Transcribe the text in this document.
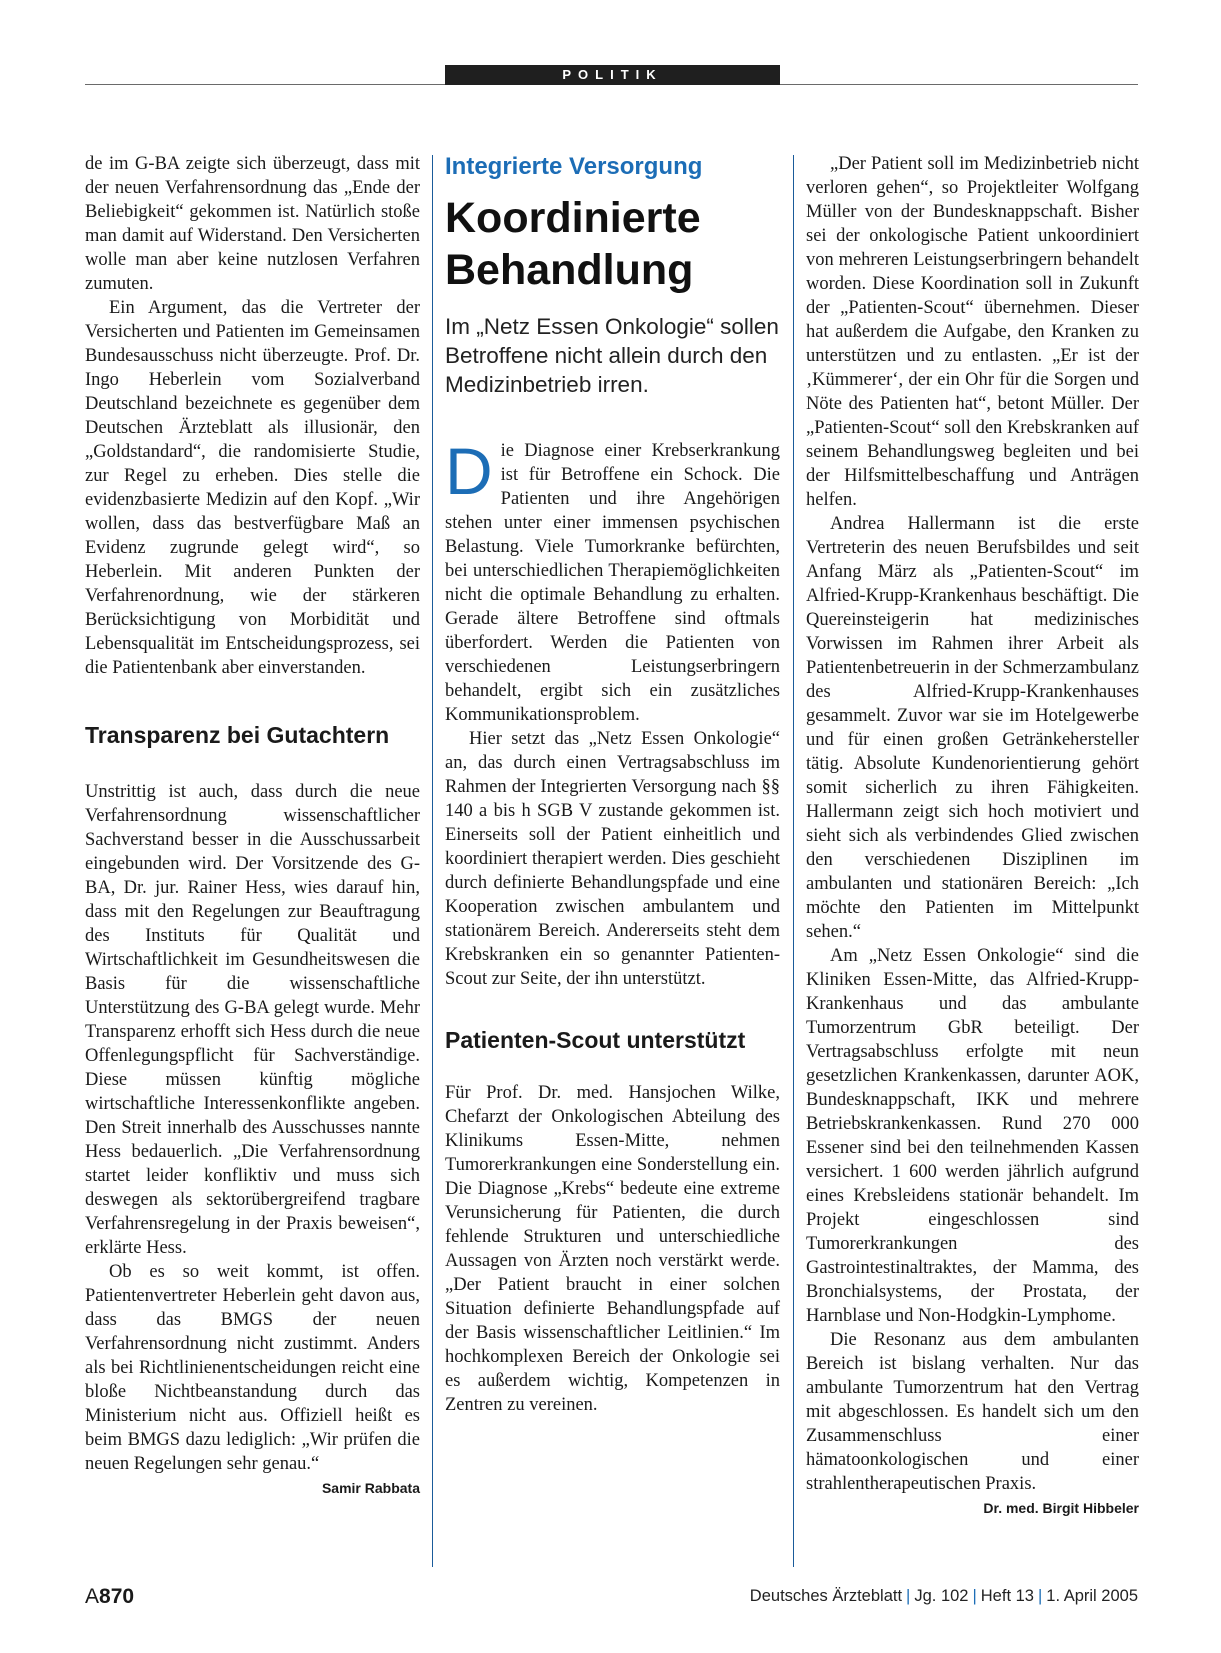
POLITIK

de im G-BA zeigte sich überzeugt, dass mit der neuen Verfahrensordnung das „Ende der Beliebigkeit“ gekommen ist. Natürlich stoße man damit auf Widerstand. Den Versicherten wolle man aber keine nutzlosen Verfahren zumuten.

Ein Argument, das die Vertreter der Versicherten und Patienten im Gemeinsamen Bundesausschuss nicht überzeugte. Prof. Dr. Ingo Heberlein vom Sozialverband Deutschland bezeichnete es gegenüber dem Deutschen Ärzteblatt als illusionär, den „Goldstandard“, die randomisierte Studie, zur Regel zu erheben. Dies stelle die evidenzbasierte Medizin auf den Kopf. „Wir wollen, dass das bestverfügbare Maß an Evidenz zugrunde gelegt wird“, so Heberlein. Mit anderen Punkten der Verfahrenordnung, wie der stärkeren Berücksichtigung von Morbidität und Lebensqualität im Entscheidungsprozess, sei die Patientenbank aber einverstanden.

Transparenz bei Gutachtern

Unstrittig ist auch, dass durch die neue Verfahrensordnung wissenschaftlicher Sachverstand besser in die Ausschussarbeit eingebunden wird. Der Vorsitzende des G-BA, Dr. jur. Rainer Hess, wies darauf hin, dass mit den Regelungen zur Beauftragung des Instituts für Qualität und Wirtschaftlichkeit im Gesundheitswesen die Basis für die wissenschaftliche Unterstützung des G-BA gelegt wurde. Mehr Transparenz erhofft sich Hess durch die neue Offenlegungspflicht für Sachverständige. Diese müssen künftig mögliche wirtschaftliche Interessenkonflikte angeben. Den Streit innerhalb des Ausschusses nannte Hess bedauerlich. „Die Verfahrensordnung startet leider konfliktiv und muss sich deswegen als sektorübergreifend tragbare Verfahrensregelung in der Praxis beweisen“, erklärte Hess.

Ob es so weit kommt, ist offen. Patientenvertreter Heberlein geht davon aus, dass das BMGS der neuen Verfahrensordnung nicht zustimmt. Anders als bei Richtlinienentscheidungen reicht eine bloße Nichtbeanstandung durch das Ministerium nicht aus. Offiziell heißt es beim BMGS dazu lediglich: „Wir prüfen die neuen Regelungen sehr genau.“
Samir Rabbata

Integrierte Versorgung
Koordinierte
Behandlung
Im „Netz Essen Onkologie“ sollen Betroffene nicht allein durch den Medizinbetrieb irren.

Die Diagnose einer Krebserkrankung ist für Betroffene ein Schock. Die Patienten und ihre Angehörigen stehen unter einer immensen psychischen Belastung. Viele Tumorkranke befürchten, bei unterschiedlichen Therapiemöglichkeiten nicht die optimale Behandlung zu erhalten. Gerade ältere Betroffene sind oftmals überfordert. Werden die Patienten von verschiedenen Leistungserbringern behandelt, ergibt sich ein zusätzliches Kommunikationsproblem.

Hier setzt das „Netz Essen Onkologie“ an, das durch einen Vertragsabschluss im Rahmen der Integrierten Versorgung nach §§ 140 a bis h SGB V zustande gekommen ist. Einerseits soll der Patient einheitlich und koordiniert therapiert werden. Dies geschieht durch definierte Behandlungspfade und eine Kooperation zwischen ambulantem und stationärem Bereich. Andererseits steht dem Krebskranken ein so genannter Patienten-Scout zur Seite, der ihn unterstützt.

Patienten-Scout unterstützt

Für Prof. Dr. med. Hansjochen Wilke, Chefarzt der Onkologischen Abteilung des Klinikums Essen-Mitte, nehmen Tumorerkrankungen eine Sonderstellung ein. Die Diagnose „Krebs“ bedeute eine extreme Verunsicherung für Patienten, die durch fehlende Strukturen und unterschiedliche Aussagen von Ärzten noch verstärkt werde. „Der Patient braucht in einer solchen Situation definierte Behandlungspfade auf der Basis wissenschaftlicher Leitlinien.“ Im hochkomplexen Bereich der Onkologie sei es außerdem wichtig, Kompetenzen in Zentren zu vereinen.

„Der Patient soll im Medizinbetrieb nicht verloren gehen“, so Projektleiter Wolfgang Müller von der Bundesknappschaft. Bisher sei der onkologische Patient unkoordiniert von mehreren Leistungserbringern behandelt worden. Diese Koordination soll in Zukunft der „Patienten-Scout“ übernehmen. Dieser hat außerdem die Aufgabe, den Kranken zu unterstützen und zu entlasten. „Er ist der ‚Kümmerer‘, der ein Ohr für die Sorgen und Nöte des Patienten hat“, betont Müller. Der „Patienten-Scout“ soll den Krebskranken auf seinem Behandlungsweg begleiten und bei der Hilfsmittelbeschaffung und Anträgen helfen.

Andrea Hallermann ist die erste Vertreterin des neuen Berufsbildes und seit Anfang März als „Patienten-Scout“ im Alfried-Krupp-Krankenhaus beschäftigt. Die Quereinsteigerin hat medizinisches Vorwissen im Rahmen ihrer Arbeit als Patientenbetreuerin in der Schmerzambulanz des Alfried-Krupp-Krankenhauses gesammelt. Zuvor war sie im Hotelgewerbe und für einen großen Getränkehersteller tätig. Absolute Kundenorientierung gehört somit sicherlich zu ihren Fähigkeiten. Hallermann zeigt sich hoch motiviert und sieht sich als verbindendes Glied zwischen den verschiedenen Disziplinen im ambulanten und stationären Bereich: „Ich möchte den Patienten im Mittelpunkt sehen.“

Am „Netz Essen Onkologie“ sind die Kliniken Essen-Mitte, das Alfried-Krupp-Krankenhaus und das ambulante Tumorzentrum GbR beteiligt. Der Vertragsabschluss erfolgte mit neun gesetzlichen Krankenkassen, darunter AOK, Bundesknappschaft, IKK und mehrere Betriebskrankenkassen. Rund 270 000 Essener sind bei den teilnehmenden Kassen versichert. 1 600 werden jährlich aufgrund eines Krebsleidens stationär behandelt. Im Projekt eingeschlossen sind Tumorerkrankungen des Gastrointestinaltraktes, der Mamma, des Bronchialsystems, der Prostata, der Harnblase und Non-Hodgkin-Lymphome.

Die Resonanz aus dem ambulanten Bereich ist bislang verhalten. Nur das ambulante Tumorzentrum hat den Vertrag mit abgeschlossen. Es handelt sich um den Zusammenschluss einer hämatoonkologischen und einer strahlentherapeutischen Praxis.
Dr. med. Birgit Hibbeler

A870	Deutsches Ärzteblatt | Jg. 102 | Heft 13 | 1. April 2005
